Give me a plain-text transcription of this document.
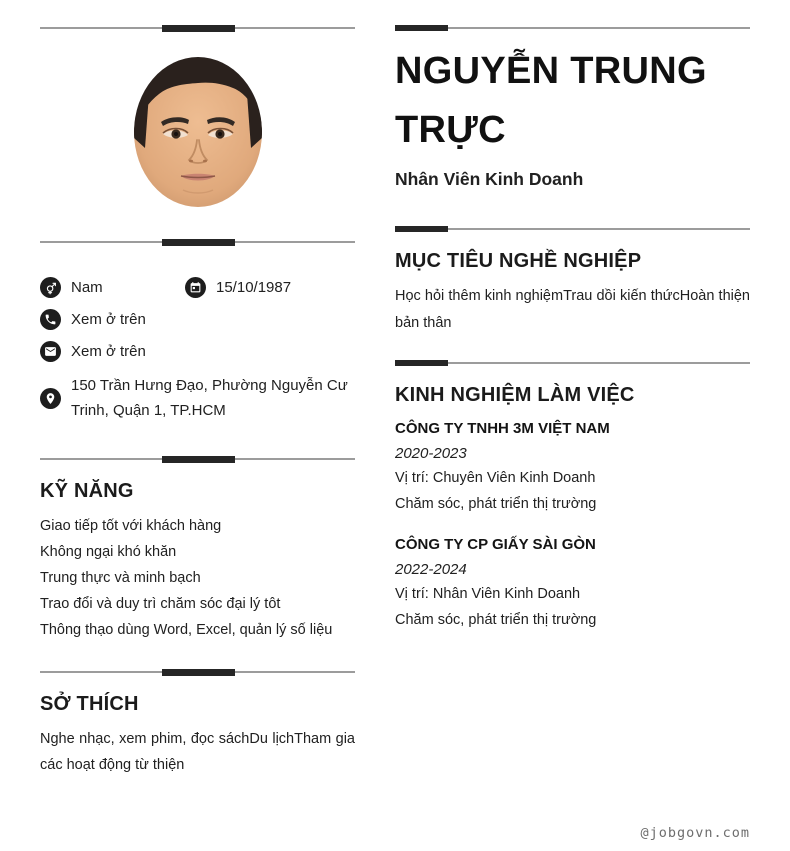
Nam	15/10/1987
Xem ở trên
Xem ở trên
150 Trần Hưng Đạo, Phường Nguyễn Cư Trinh, Quận 1, TP.HCM
KỸ NĂNG
Giao tiếp tốt với khách hàng
Không ngại khó khăn
Trung thực và minh bạch
Trao đổi và duy trì chăm sóc đại lý tôt
Thông thạo dùng Word, Excel, quản lý số liệu
SỞ THÍCH

Nghe nhạc, xem phim, đọc sáchDu lịchTham gia các hoạt động từ thiện

NGUYỄN TRUNG TRỰC
Nhân Viên Kinh Doanh
MỤC TIÊU NGHỀ NGHIỆP

Học hỏi thêm kinh nghiệmTrau dồi kiến thứcHoàn thiện bản thân

KINH NGHIỆM LÀM VIỆC
CÔNG TY TNHH 3M VIỆT NAM
2020-2023
Vị trí: Chuyên Viên Kinh Doanh
Chăm sóc, phát triển thị trường
CÔNG TY CP GIẤY SÀI GÒN
2022-2024
Vị trí: Nhân Viên Kinh Doanh
Chăm sóc, phát triển thị trường
@jobgovn.com
